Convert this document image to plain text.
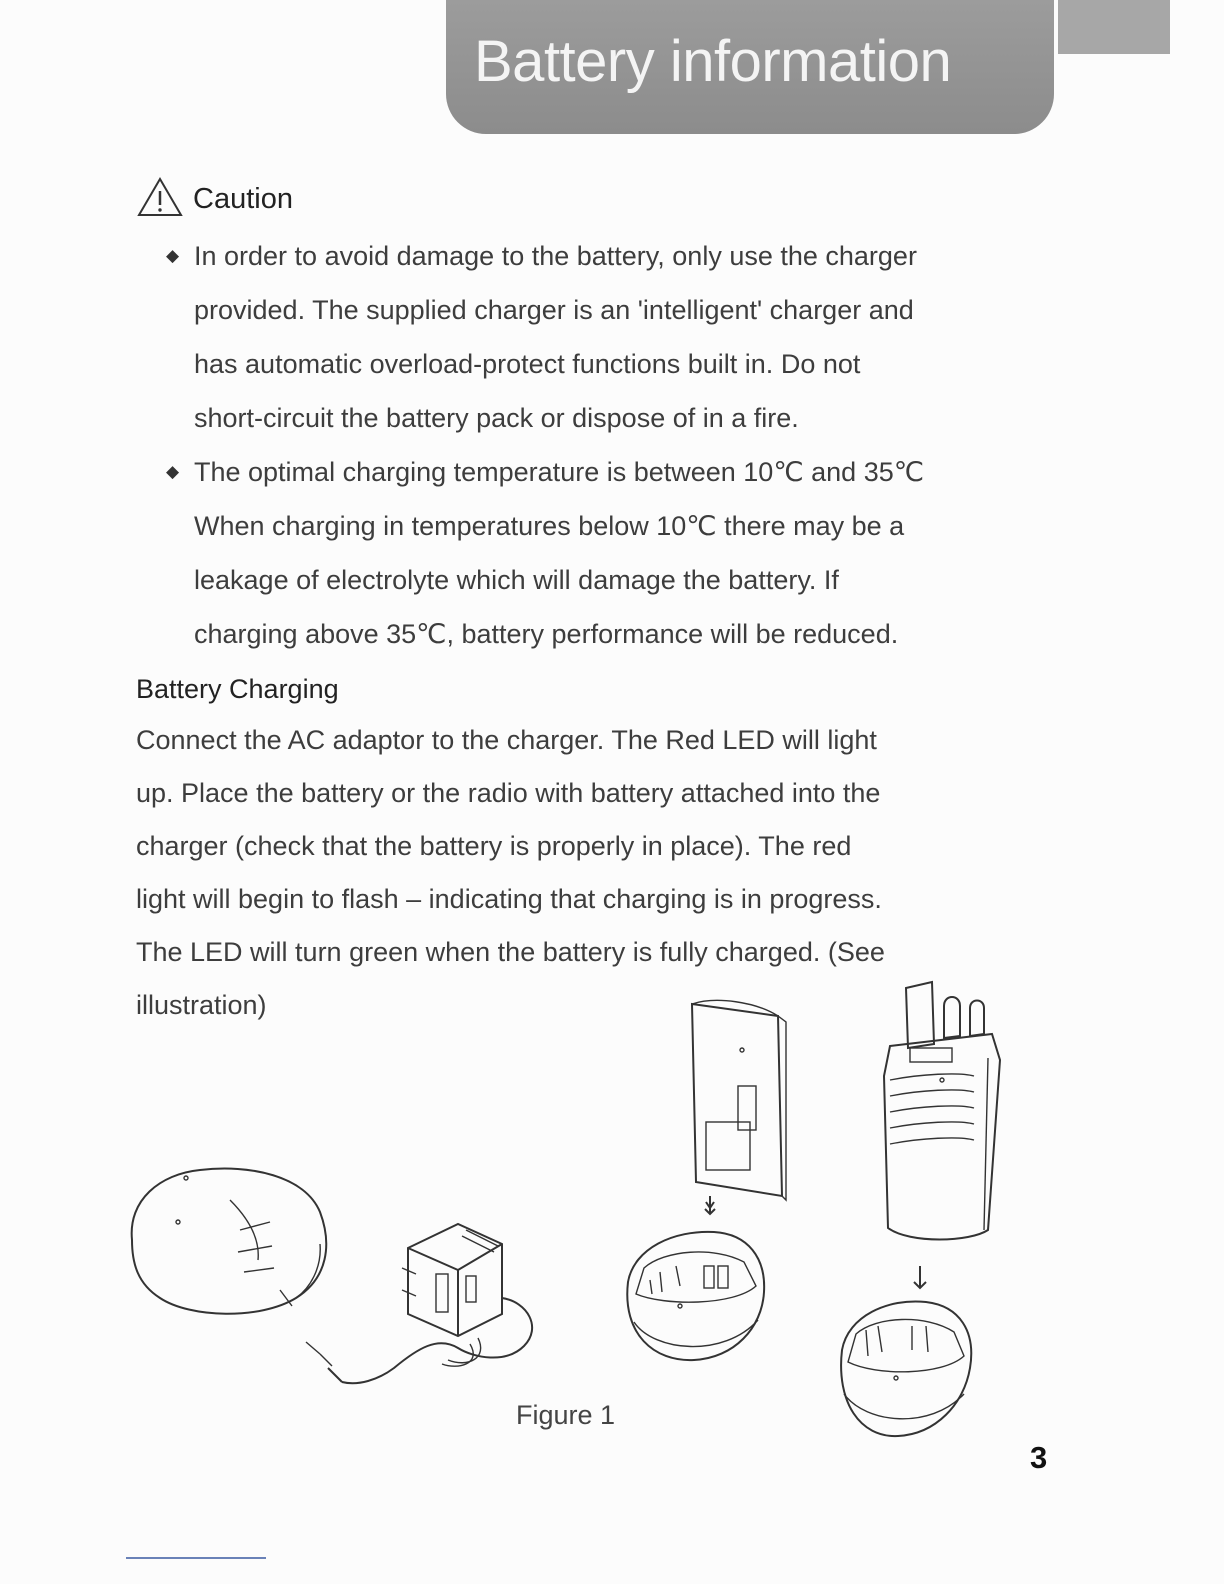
Battery information
Caution
◆ In order to avoid damage to the battery, only use the charger
provided. The supplied charger is an 'intelligent' charger and
has automatic overload-protect functions built in. Do not
short-circuit the battery pack or dispose of in a fire.
◆ The optimal charging temperature is between 10℃ and 35℃
When charging in temperatures below 10℃ there may be a
leakage of electrolyte which will damage the battery. If
charging above 35℃, battery performance will be reduced.
Battery Charging
Connect the AC adaptor to the charger. The Red LED will light
up. Place the battery or the radio with battery attached into the
charger (check that the battery is properly in place). The red
light will begin to flash – indicating that charging is in progress.
The LED will turn green when the battery is fully charged. (See
illustration)
Figure 1
3
